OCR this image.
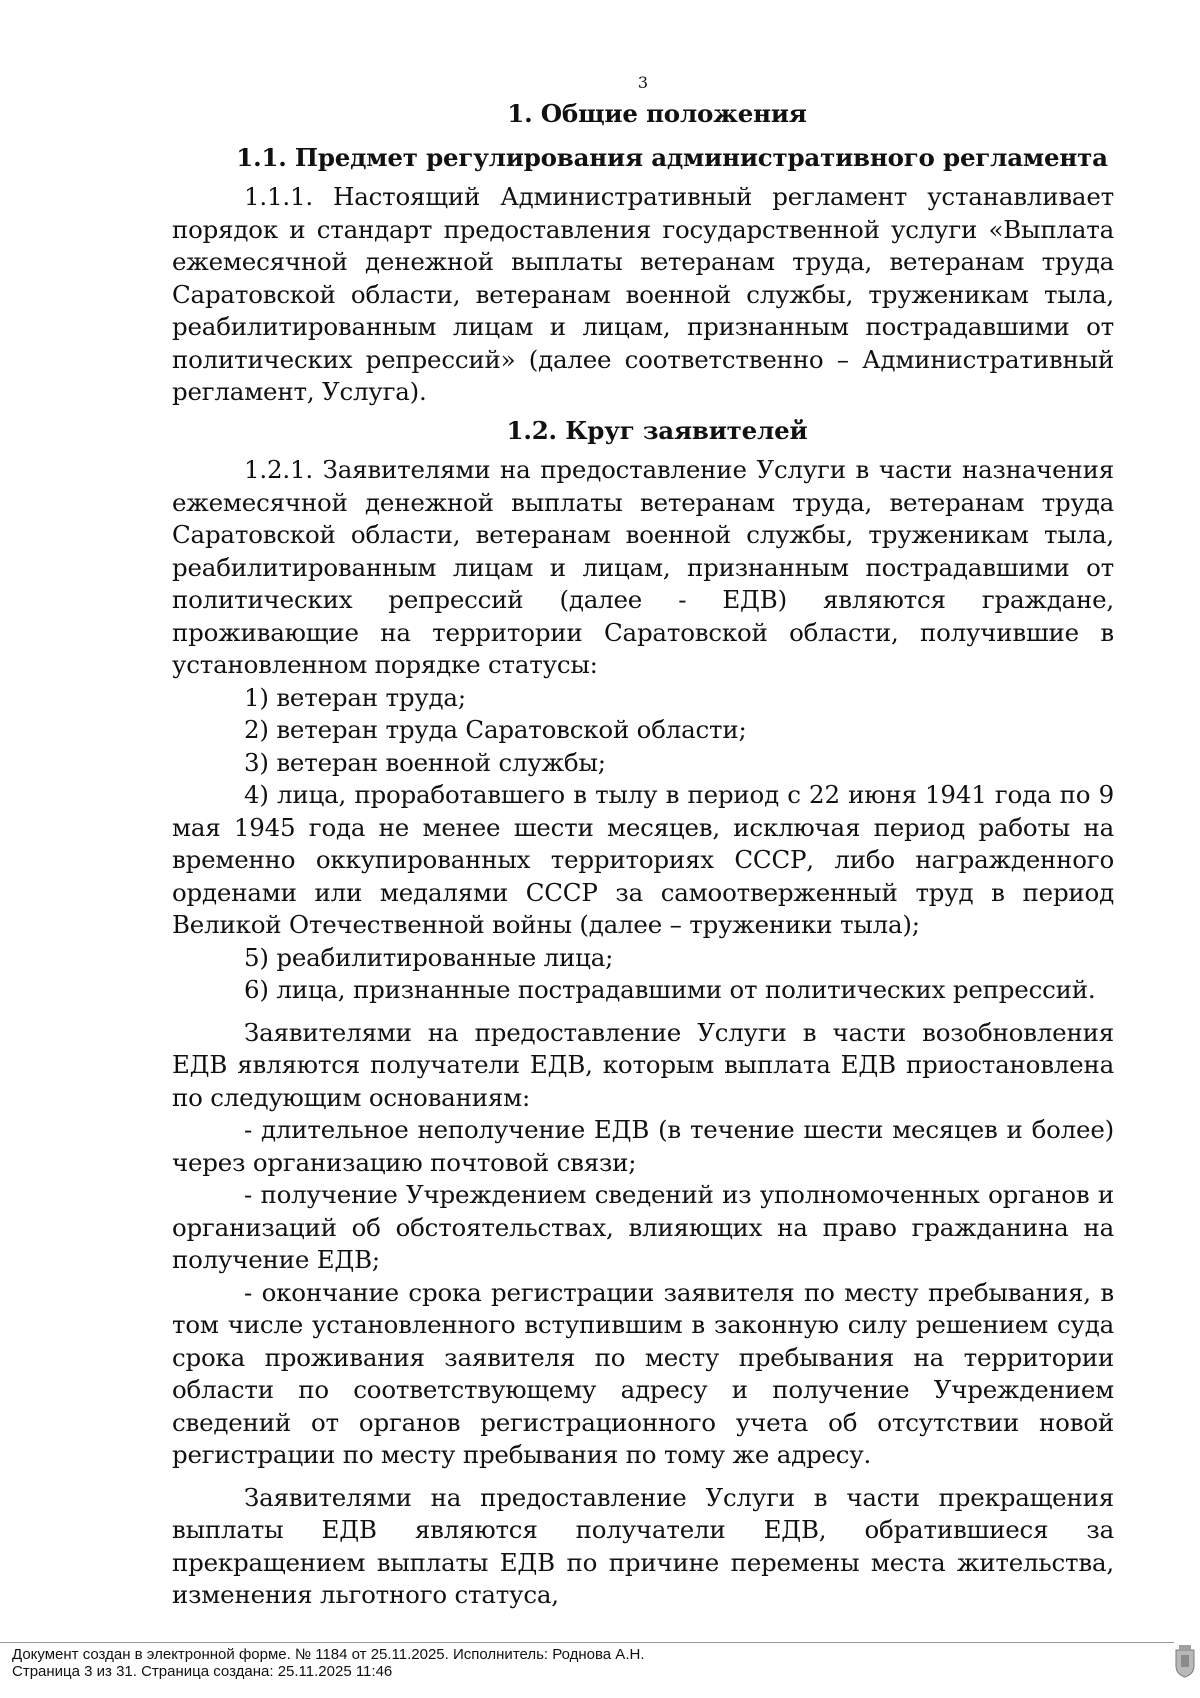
3

1. Общие положения

1.1. Предмет регулирования административного регламента

1.1.1. Настоящий Административный регламент устанавливает порядок и стандарт предоставления государственной услуги «Выплата ежемесячной денежной выплаты ветеранам труда, ветеранам труда Саратовской области, ветеранам военной службы, труженикам тыла, реабилитированным лицам и лицам, признанным пострадавшими от политических репрессий» (далее соответственно – Административный регламент, Услуга).

1.2. Круг заявителей

1.2.1. Заявителями на предоставление Услуги в части назначения ежемесячной денежной выплаты ветеранам труда, ветеранам труда Саратовской области, ветеранам военной службы, труженикам тыла, реабилитированным лицам и лицам, признанным пострадавшими от политических репрессий (далее - ЕДВ) являются граждане, проживающие на территории Саратовской области, получившие в установленном порядке статусы:

1) ветеран труда;

2) ветеран труда Саратовской области;

3) ветеран военной службы;

4) лица, проработавшего в тылу в период с 22 июня 1941 года по 9 мая 1945 года не менее шести месяцев, исключая период работы на временно оккупированных территориях СССР, либо награжденного орденами или медалями СССР за самоотверженный труд в период Великой Отечественной войны (далее – труженики тыла);

5) реабилитированные лица;

6) лица, признанные пострадавшими от политических репрессий.

Заявителями на предоставление Услуги в части возобновления ЕДВ являются получатели ЕДВ, которым выплата ЕДВ приостановлена по следующим основаниям:

- длительное неполучение ЕДВ (в течение шести месяцев и более) через организацию почтовой связи;

- получение Учреждением сведений из уполномоченных органов и организаций об обстоятельствах, влияющих на право гражданина на получение ЕДВ;

- окончание срока регистрации заявителя по месту пребывания, в том числе установленного вступившим в законную силу решением суда срока проживания заявителя по месту пребывания на территории области по соответствующему адресу и получение Учреждением сведений от органов регистрационного учета об отсутствии новой регистрации по месту пребывания по тому же адресу.

Заявителями на предоставление Услуги в части прекращения выплаты ЕДВ являются получатели ЕДВ, обратившиеся за прекращением выплаты ЕДВ по причине перемены места жительства, изменения льготного статуса,

Документ создан в электронной форме. № 1184 от 25.11.2025. Исполнитель: Роднова А.Н.
Страница 3 из 31. Страница создана: 25.11.2025 11:46
